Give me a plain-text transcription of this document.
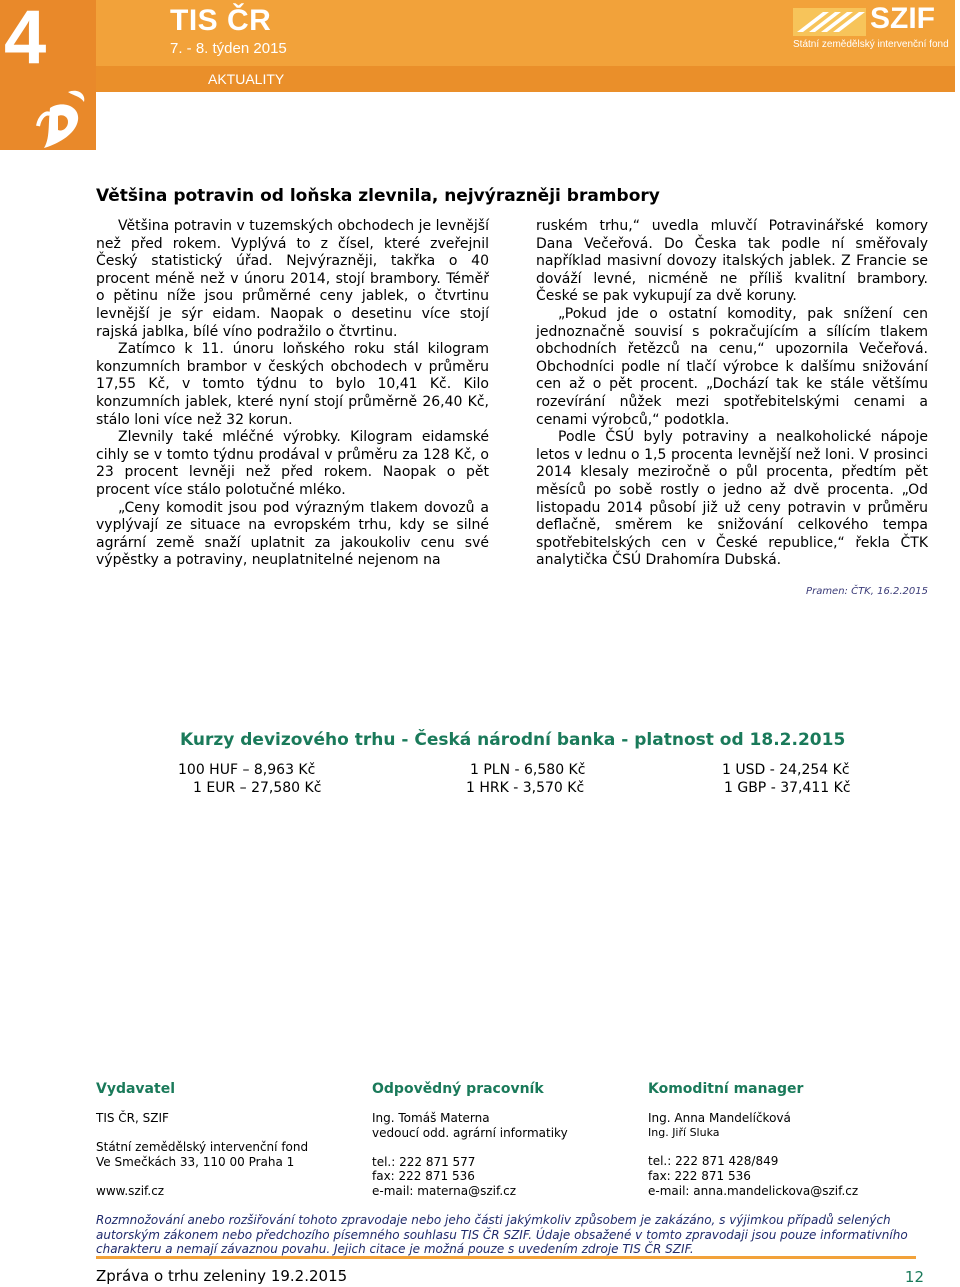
4	TIS ČR
7. - 8. týden 2015
AKTUALITY
SZIF
Státní zemědělský intervenční fond
Většina potravin od loňska zlevnila, nejvýrazněji brambory

Většina potravin v tuzemských obchodech je levnější než před rokem. Vyplývá to z čísel, které zveřejnil Český statistický úřad. Nejvýrazněji, takřka o 40 procent méně než v únoru 2014, stojí brambory. Téměř o pětinu níže jsou průměrné ceny jablek, o čtvrtinu levnější je sýr eidam. Naopak o desetinu více stojí rajská jablka, bílé víno podražilo o čtvrtinu.

Zatímco k 11. únoru loňského roku stál kilogram konzumních brambor v českých obchodech v průměru 17,55 Kč, v tomto týdnu to bylo 10,41 Kč. Kilo konzumních jablek, které nyní stojí průměrně 26,40 Kč, stálo loni více než 32 korun.

Zlevnily také mléčné výrobky. Kilogram eidamské cihly se v tomto týdnu prodával v průměru za 128 Kč, o 23 procent levněji než před rokem. Naopak o pět procent více stálo polotučné mléko.

„Ceny komodit jsou pod výrazným tlakem dovozů a vyplývají ze situace na evropském trhu, kdy se silné agrární země snaží uplatnit za jakoukoliv cenu své výpěstky a potraviny, neuplatnitelné nejenom na

ruském trhu,“ uvedla mluvčí Potravinářské komory Dana Večeřová. Do Česka tak podle ní směřovaly například masivní dovozy italských jablek. Z Francie se dováží levné, nicméně ne příliš kvalitní brambory. České se pak vykupují za dvě koruny.

„Pokud jde o ostatní komodity, pak snížení cen jednoznačně souvisí s pokračujícím a sílícím tlakem obchodních řetězců na cenu,“ upozornila Večeřová. Obchodníci podle ní tlačí výrobce k dalšímu snižování cen až o pět procent. „Dochází tak ke stále většímu rozevírání nůžek mezi spotřebitelskými cenami a cenami výrobců,“ podotkla.

Podle ČSÚ byly potraviny a nealkoholické nápoje letos v lednu o 1,5 procenta levnější než loni. V prosinci 2014 klesaly meziročně o půl procenta, předtím pět měsíců po sobě rostly o jedno až dvě procenta. „Od listopadu 2014 působí již už ceny potravin v průměru deflačně, směrem ke snižování celkového tempa spotřebitelských cen v České republice,“ řekla ČTK analytička ČSÚ Drahomíra Dubská.

Pramen: ČTK, 16.2.2015
Kurzy devizového trhu - Česká národní banka - platnost od 18.2.2015
100 HUF – 8,963 Kč	1 PLN - 6,580 Kč	1 USD - 24,254 Kč
1 EUR – 27,580 Kč	1 HRK - 3,570 Kč	1 GBP - 37,411 Kč
Vydavatel	Odpovědný pracovník	Komoditní manager
TIS ČR, SZIF
Státní zemědělský intervenční fond
Ve Smečkách 33, 110 00 Praha 1
www.szif.cz
Ing. Tomáš Materna
vedoucí odd. agrární informatiky
tel.: 222 871 577
fax: 222 871 536
e-mail: materna@szif.cz
Ing. Anna Mandelíčková
Ing. Jiří Sluka
tel.: 222 871 428/849
fax: 222 871 536
e-mail: anna.mandelickova@szif.cz
Rozmnožování anebo rozšiřování tohoto zpravodaje nebo jeho části jakýmkoliv způsobem je zakázáno, s výjimkou případů selených autorským zákonem nebo předchozího písemného souhlasu TIS ČR SZIF. Údaje obsažené v tomto zpravodaji jsou pouze informativního charakteru a nemají závaznou povahu. Jejich citace je možná pouze s uvedením zdroje TIS ČR SZIF.
Zpráva o trhu zeleniny 19.2.2015	12
